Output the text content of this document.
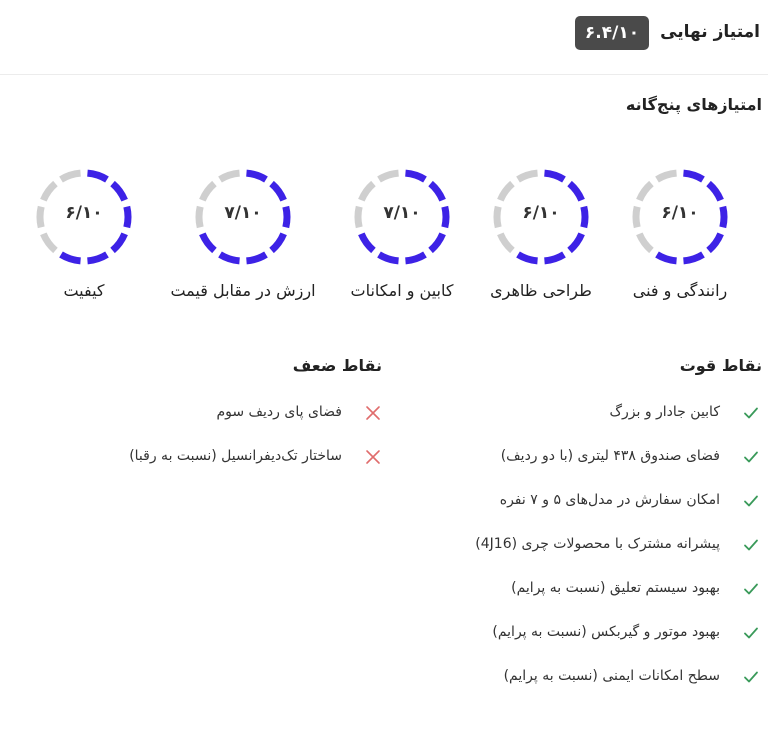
امتیاز نهایی
۶.۴/۱۰
امتیازهای پنج‌گانه
۶/۱۰
رانندگی و فنی
۶/۱۰
طراحی ظاهری
۷/۱۰
کابین و امکانات
۷/۱۰
ارزش در مقابل قیمت
۶/۱۰
کیفیت
نقاط قوت
نقاط ضعف
کابین جادار و بزرگ
فضای صندوق ۴۳۸ لیتری (با دو ردیف)
امکان سفارش در مدل‌های ۵ و ۷ نفره
پیشرانه مشترک با محصولات چری (4J16)
بهبود سیستم تعلیق (نسبت به پرایم)
بهبود موتور و گیربکس (نسبت به پرایم)
سطح امکانات ایمنی (نسبت به پرایم)
فضای پای ردیف سوم
ساختار تک‌دیفرانسیل (نسبت به رقبا)
